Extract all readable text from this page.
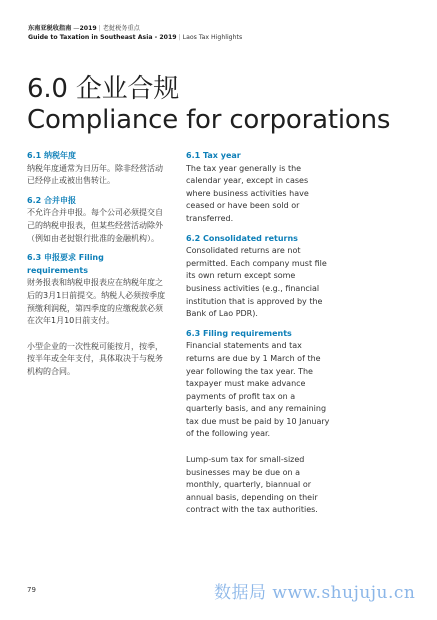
东南亚税收指南 —2019 | 老挝税务重点
Guide to Taxation in Southeast Asia - 2019 | Laos Tax Highlights
6.0 企业合规
Compliance for corporations
6.1 纳税年度

纳税年度通常为日历年。除非经营活动已经停止或被出售转让。

6.2 合并申报

不允许合并申报。每个公司必须提交自己的纳税申报表，但某些经营活动除外（例如由老挝银行批准的金融机构）。

6.3 申报要求 Filing requirements

财务报表和纳税申报表应在纳税年度之后的3月1日前提交。纳税人必须按季度预缴利润税，第四季度的应缴税款必须在次年1月10日前支付。

小型企业的一次性税可能按月，按季，按半年或全年支付，具体取决于与税务机构的合同。

6.1 Tax year

The tax year generally is the calendar year, except in cases where business activities have ceased or have been sold or transferred.

6.2 Consolidated returns

Consolidated returns are not permitted. Each company must file its own return except some business activities (e.g., financial institution that is approved by the Bank of Lao PDR).

6.3 Filing requirements

Financial statements and tax returns are due by 1 March of the year following the tax year. The taxpayer must make advance payments of profit tax on a quarterly basis, and any remaining tax due must be paid by 10 January of the following year.

Lump-sum tax for small-sized businesses may be due on a monthly, quarterly, biannual or annual basis, depending on their contract with the tax authorities.

79	数据局 www.shujuju.cn
